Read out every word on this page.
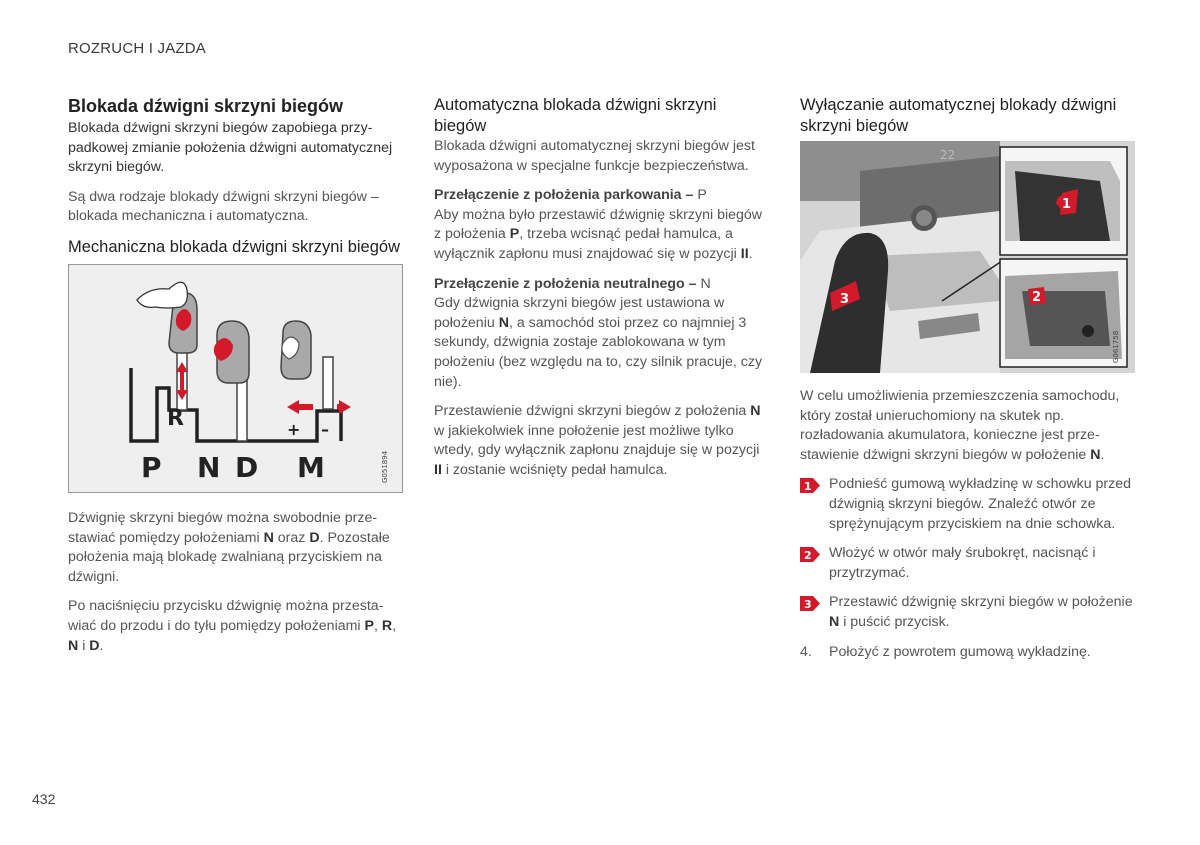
ROZRUCH I JAZDA
Blokada dźwigni skrzyni biegów

Blokada dźwigni skrzyni biegów zapobiega przypadkowej zmianie położenia dźwigni automatycznej skrzyni biegów.

Są dwa rodzaje blokady dźwigni skrzyni biegów – blokada mechaniczna i automatyczna.

Mechaniczna blokada dźwigni skrzyni biegów
R	+ –
P N D M	G051894

Dźwignię skrzyni biegów można swobodnie przestawiać pomiędzy położeniami N oraz D. Pozostałe położenia mają blokadę zwalnianą przyciskiem na dźwigni.

Po naciśnięciu przycisku dźwignię można przestawiać do przodu i do tyłu pomiędzy położeniami P, R, N i D.

Automatyczna blokada dźwigni skrzyni biegów

Blokada dźwigni automatycznej skrzyni biegów jest wyposażona w specjalne funkcje bezpieczeństwa.

Przełączenie z położenia parkowania – P

Aby można było przestawić dźwignię skrzyni biegów z położenia P, trzeba wcisnąć pedał hamulca, a wyłącznik zapłonu musi znajdować się w pozycji II.

Przełączenie z położenia neutralnego – N

Gdy dźwignia skrzyni biegów jest ustawiona w położeniu N, a samochód stoi przez co najmniej 3 sekundy, dźwignia zostaje zablokowana w tym położeniu (bez względu na to, czy silnik pracuje, czy nie).

Przestawienie dźwigni skrzyni biegów z położenia N w jakiekolwiek inne położenie jest możliwe tylko wtedy, gdy wyłącznik zapłonu znajduje się w pozycji II i zostanie wciśnięty pedał hamulca.

Wyłączanie automatycznej blokady dźwigni skrzyni biegów
22
1
2
3
G061758

W celu umożliwienia przemieszczenia samochodu, który został unieruchomiony na skutek np. rozładowania akumulatora, konieczne jest przestawienie dźwigni skrzyni biegów w położenie N.

1 Podnieść gumową wykładzinę w schowku przed dźwignią skrzyni biegów. Znaleźć otwór ze sprężynującym przyciskiem na dnie schowka.
2 Włożyć w otwór mały śrubokręt, nacisnąć i przytrzymać.
3 Przestawić dźwignię skrzyni biegów w położenie N i puścić przycisk.
4. Położyć z powrotem gumową wykładzinę.
432
